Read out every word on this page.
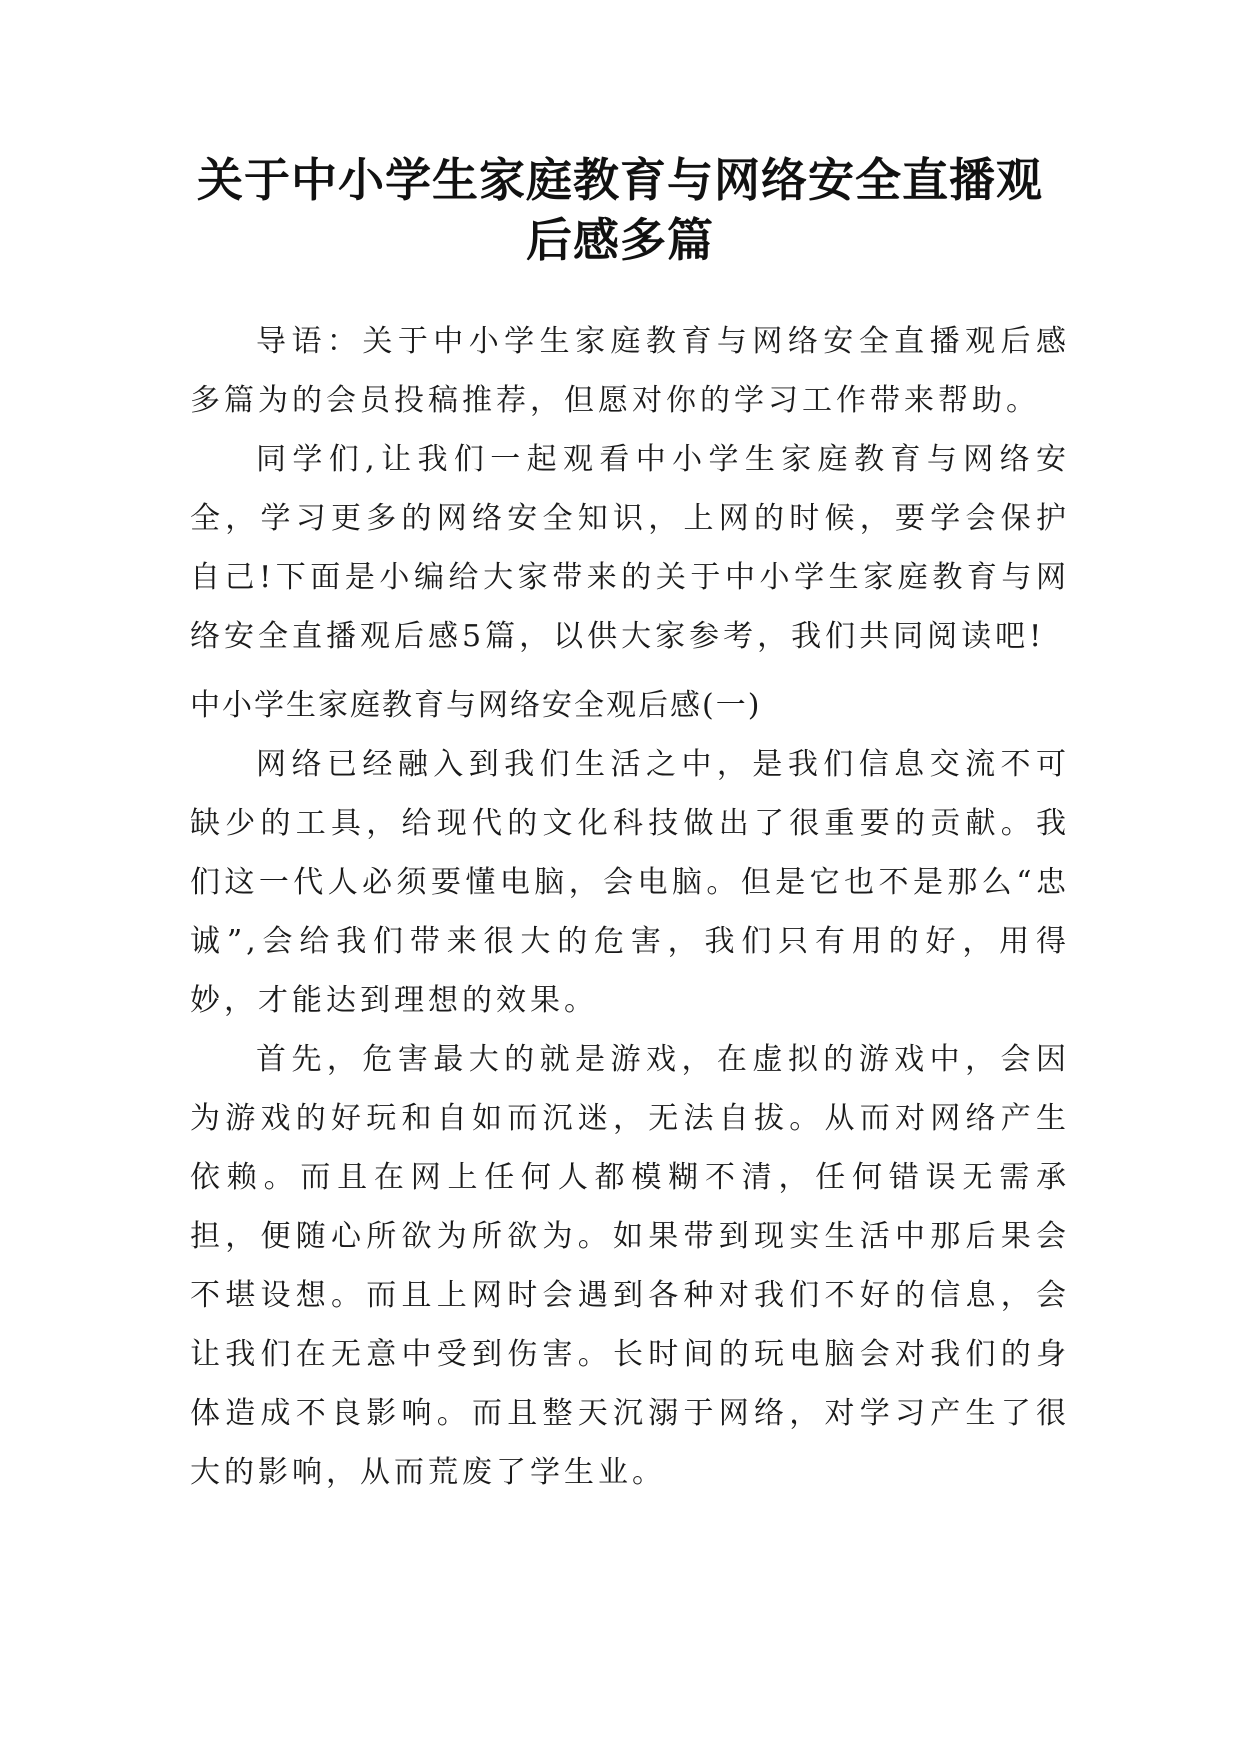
关于中小学生家庭教育与网络安全直播观
后感多篇

导语：关于中小学生家庭教育与网络安全直播观后感多篇为的会员投稿推荐，但愿对你的学习工作带来帮助。

同学们,让我们一起观看中小学生家庭教育与网络安全，学习更多的网络安全知识，上网的时候，要学会保护自己!下面是小编给大家带来的关于中小学生家庭教育与网络安全直播观后感5篇，以供大家参考，我们共同阅读吧!

中小学生家庭教育与网络安全观后感(一)

网络已经融入到我们生活之中，是我们信息交流不可缺少的工具，给现代的文化科技做出了很重要的贡献。我们这一代人必须要懂电脑，会电脑。但是它也不是那么“忠诚”,会给我们带来很大的危害，我们只有用的好，用得妙，才能达到理想的效果。

首先，危害最大的就是游戏，在虚拟的游戏中，会因为游戏的好玩和自如而沉迷，无法自拔。从而对网络产生依赖。而且在网上任何人都模糊不清，任何错误无需承担，便随心所欲为所欲为。如果带到现实生活中那后果会不堪设想。而且上网时会遇到各种对我们不好的信息，会让我们在无意中受到伤害。长时间的玩电脑会对我们的身体造成不良影响。而且整天沉溺于网络，对学习产生了很大的影响，从而荒废了学生业。
